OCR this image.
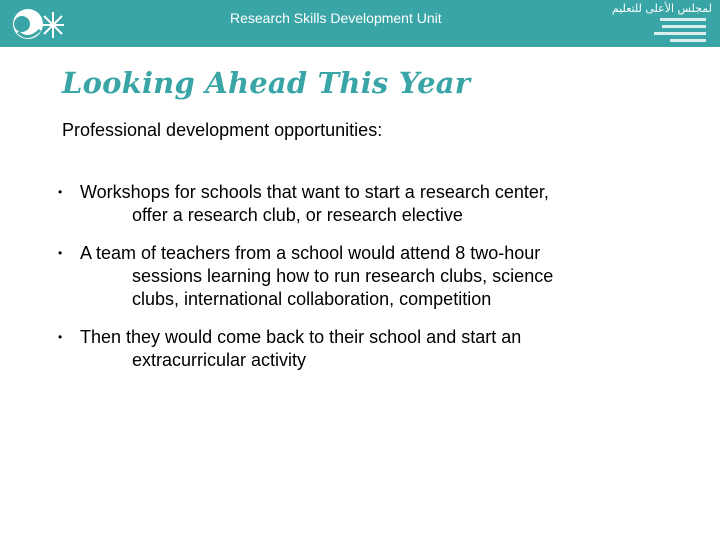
Research Skills Development Unit
لمجلس الأعلى للتعليم
Looking Ahead This Year
Professional development opportunities:
• Workshops for schools that want to start a research center,
offer a research club, or research elective
• A team of teachers from a school would attend 8 two-hour
sessions learning how to run research clubs, science
clubs, international collaboration, competition
• Then they would come back to their school and start an
extracurricular activity
